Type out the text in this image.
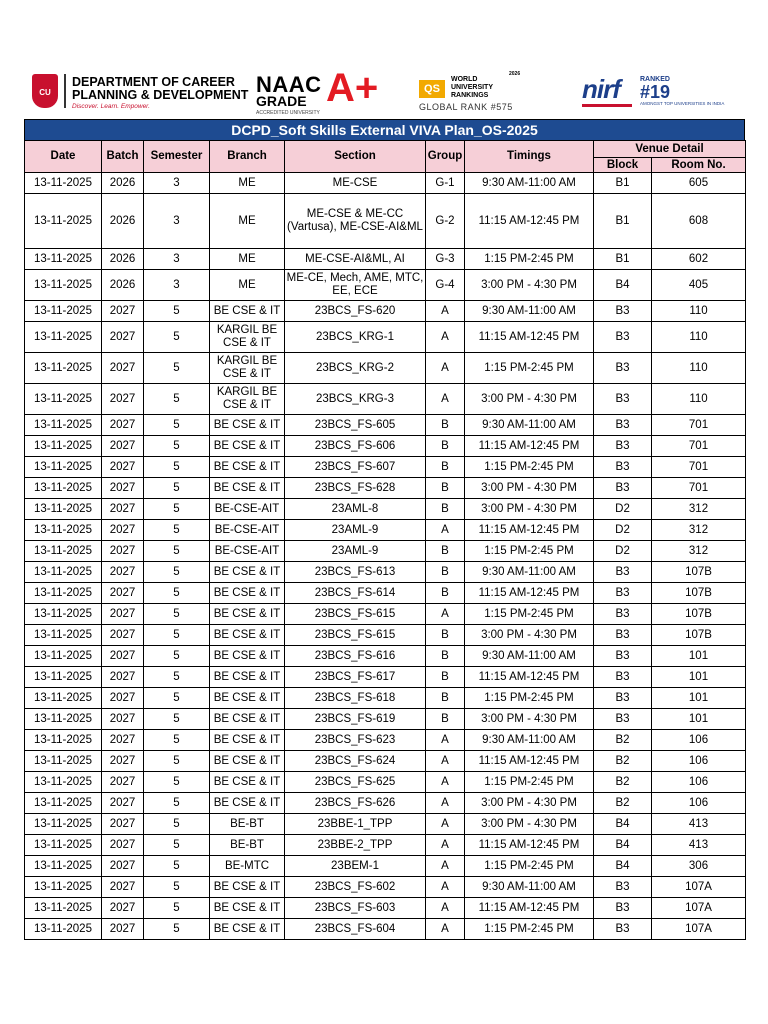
CU
DEPARTMENT OF CAREER
PLANNING & DEVELOPMENT
Discover. Learn. Empower.
NAAC
GRADE A+
ACCREDITED UNIVERSITY
QS
2026
WORLD
UNIVERSITY
RANKINGS
GLOBAL RANK #575
nirf	RANKED
#19
AMONGST TOP UNIVERSITIES IN INDIA
DCPD_Soft Skills External VIVA Plan_OS-2025
Date	Batch	Semester	Branch	Section	Group	Timings	Venue Detail	
							Block	Room No.
13-11-2025	2026	3	ME	ME-CSE	G-1	9:30 AM-11:00 AM	B1	605
13-11-2025	2026	3	ME	ME-CSE & ME-CC (Vartusa), ME-CSE-AI&ML	G-2	11:15 AM-12:45 PM	B1	608
13-11-2025	2026	3	ME	ME-CSE-AI&ML, AI	G-3	1:15 PM-2:45 PM	B1	602
13-11-2025	2026	3	ME	ME-CE, Mech, AME, MTC, EE, ECE	G-4	3:00 PM - 4:30 PM	B4	405
13-11-2025	2027	5	BE CSE & IT	23BCS_FS-620	A	9:30 AM-11:00 AM	B3	110
13-11-2025	2027	5	KARGIL BE CSE & IT	23BCS_KRG-1	A	11:15 AM-12:45 PM	B3	110
13-11-2025	2027	5	KARGIL BE CSE & IT	23BCS_KRG-2	A	1:15 PM-2:45 PM	B3	110
13-11-2025	2027	5	KARGIL BE CSE & IT	23BCS_KRG-3	A	3:00 PM - 4:30 PM	B3	110
13-11-2025	2027	5	BE CSE & IT	23BCS_FS-605	B	9:30 AM-11:00 AM	B3	701
13-11-2025	2027	5	BE CSE & IT	23BCS_FS-606	B	11:15 AM-12:45 PM	B3	701
13-11-2025	2027	5	BE CSE & IT	23BCS_FS-607	B	1:15 PM-2:45 PM	B3	701
13-11-2025	2027	5	BE CSE & IT	23BCS_FS-628	B	3:00 PM - 4:30 PM	B3	701
13-11-2025	2027	5	BE-CSE-AIT	23AML-8	B	3:00 PM - 4:30 PM	D2	312
13-11-2025	2027	5	BE-CSE-AIT	23AML-9	A	11:15 AM-12:45 PM	D2	312
13-11-2025	2027	5	BE-CSE-AIT	23AML-9	B	1:15 PM-2:45 PM	D2	312
13-11-2025	2027	5	BE CSE & IT	23BCS_FS-613	B	9:30 AM-11:00 AM	B3	107B
13-11-2025	2027	5	BE CSE & IT	23BCS_FS-614	B	11:15 AM-12:45 PM	B3	107B
13-11-2025	2027	5	BE CSE & IT	23BCS_FS-615	A	1:15 PM-2:45 PM	B3	107B
13-11-2025	2027	5	BE CSE & IT	23BCS_FS-615	B	3:00 PM - 4:30 PM	B3	107B
13-11-2025	2027	5	BE CSE & IT	23BCS_FS-616	B	9:30 AM-11:00 AM	B3	101
13-11-2025	2027	5	BE CSE & IT	23BCS_FS-617	B	11:15 AM-12:45 PM	B3	101
13-11-2025	2027	5	BE CSE & IT	23BCS_FS-618	B	1:15 PM-2:45 PM	B3	101
13-11-2025	2027	5	BE CSE & IT	23BCS_FS-619	B	3:00 PM - 4:30 PM	B3	101
13-11-2025	2027	5	BE CSE & IT	23BCS_FS-623	A	9:30 AM-11:00 AM	B2	106
13-11-2025	2027	5	BE CSE & IT	23BCS_FS-624	A	11:15 AM-12:45 PM	B2	106
13-11-2025	2027	5	BE CSE & IT	23BCS_FS-625	A	1:15 PM-2:45 PM	B2	106
13-11-2025	2027	5	BE CSE & IT	23BCS_FS-626	A	3:00 PM - 4:30 PM	B2	106
13-11-2025	2027	5	BE-BT	23BBE-1_TPP	A	3:00 PM - 4:30 PM	B4	413
13-11-2025	2027	5	BE-BT	23BBE-2_TPP	A	11:15 AM-12:45 PM	B4	413
13-11-2025	2027	5	BE-MTC	23BEM-1	A	1:15 PM-2:45 PM	B4	306
13-11-2025	2027	5	BE CSE & IT	23BCS_FS-602	A	9:30 AM-11:00 AM	B3	107A
13-11-2025	2027	5	BE CSE & IT	23BCS_FS-603	A	11:15 AM-12:45 PM	B3	107A
13-11-2025	2027	5	BE CSE & IT	23BCS_FS-604	A	1:15 PM-2:45 PM	B3	107A
